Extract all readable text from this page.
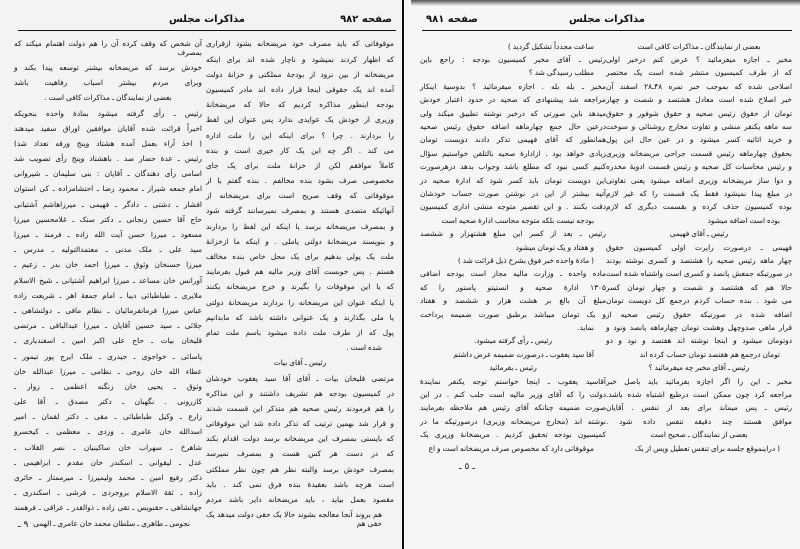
مذاکرات مجلس	صفحه ۹۸۲
موقوفاتی که باید مصرف خود مریضخانه بشود ازقراری
که اظهار کردند نمیشود و ناچار شده اند برای اینکه
مریضخانه از بین نرود از بودجهٔ مملکتی و خزانهٔ دولت
آمده اند یک حقوقی اینجا قرار داده اند مادر کمیسیون
بودجه اینطور مذاکره کردیم که حالا که مریضخانهٔ
وزیری از خودش یک عوایدی ندارد پس عنوان این لفظ
را بردارند . چرا ؟ برای اینکه این را ملت اداره
می کند . اگر چه این یک کار خیری است و بنده
کاملاً موافقم لکن از خزانهٔ ملت برای یک جای
مخصوصی صرف بشود بنده مخالفم . بنده گفتم یا از
موقوفاتی که وقف صریح است برای مریضخانه از
آنهائیکه متصدی هستند و بمصرف نمیرسانند گرفته شود
و بمصرف مریضخانه برسد یا اینکه این لفظ را بردارند
و بنویسند مریضخانهٔ دولتی یاملی . و اینکه ما ازخزانهٔ
ملت یک پولی بدهیم برای یک محل خاص بنده مخالف
هستم . پس خوبست آقای وزیر مالیه هم قبول بفرمایند
که یا این موقوفات را بگیرند و خرج مریضخانه بکنند
یا اینکه عنوان این مریضخانه را بردارند مریضخانهٔ دولتی
یا ملی بگذارند و یک عنوانی داشته باشد که مابدانیم
پول که از طرف ملت داده میشود باسم ملت تمام
شده است .
رئیس ـ آقای بیات
مرتضی قلیخان بیات ـ آقای آقا سید یعقوب خودشان
در کمیسیون بودجه هم تشریف داشتند و این مذاکره
را هم فرمودند رئیس صحیه هم متذکر این قسمت شدند
و قرار شد بهمین ترتیب که تذکر داده شد این موقوفاتی
که بایستی بمصرف این مریضخانه برسد دولت اقدام بکند
که در دست هر کس هست و بمصرف نمیرسد
بمصرف خودش برسد والبته نظر هم چون نظر مملکتی
است هرچه باشد بعقیدهٔ بنده فرق نمی کند . باید
مقصود بعمل بیاید ، باید مریضخانه دایر باشد مردم
هم بروند آنجا معالجه بشوند حالا یک حقی دولت میدهد یک حقی هم
آن شخص که وقف کرده آن را هم دولت اهتمام میکند که بمصرف
خودش برسد که مریضخانه بیشتر توسعه پیدا بکند و
وبرای مردم بیشتر اسباب رفاهیت باشد
بعضی از نمایندگان ـ مذاکرات کافی است .
رئیس ـ رأی گرفته میشود بمادهٔ واحده بنحویکه
اخیراً قرائت شده آقایان موافقین اوراق سفید میدهند
( اخذ آراء بعمل آمده هشتاد وپنج ورقه تعداد شد)
رئیس ـ عدهٔ حضار صد . باهشتاد وپنج رأی تصویب شد
اسامی رأی دهندگان ـ آقایان : بنی سلیمان ـ شیروانی
امام جمعه شیراز ـ محمود رضا ـ احتشامزاده ـ کی استوان
افشار ـ دشتی ـ دادگر ـ فهیمی ـ میرزاهاشم آشتیانی
حاج آقا حسین زنجانی ـ دکتر سنک ـ غلامحسین میرزا
مسعود ـ میرزا حسن آیت الله زاده ـ فرمند ـ میرزا
سید علی ـ ملک مدنی ـ معتمدالتولیه ـ مدرس ـ
میرزا حسنخان وثوق ـ میرزا احمد خان بدر ـ زعیم ـ
آورانس خان مساعد ـ میرزا ابراهیم آشتیانی ـ شیخ الاسلام
ملایری ـ طباطبائی دیبا ـ امام جمعهٔ اهر ـ شریعت زاده
عباس میرزا فرمانفرمائیان ـ نظام مافی ـ دولتشاهی ـ
جلائی ـ سید حسین آقایان ـ میرزا عبدالباقی ـ مرتضی
قلیخان بیات ـ حاج علی اکبر امین ـ اسفندیاری ـ
یاسائی ـ خواجوی ـ حیدری ـ ملک ایرج پور تیمور ـ
عطاء الله خان روحی ـ نظامی ـ میرزا عبدالله خان
وثوق ـ یحیی خان زنگنه اعظمی ـ زوار ـ
کازرونی . نگهبان ـ دکتر مصدق ـ آقا علی
زارع ـ وکیل طباطبائی ـ مقی ـ دکتر لقمان ـ امیر
اسدالله خان عامری ـ وزدی ـ معظمی ـ کیخسرو
شاهرخ ـ سهراب خان ساکینیان ـ نصر القلاب ـ
عدل ـ لیقوانی ـ اسکندر خان مقدم ـ ابراهیمی ـ
دکتر رفیع امین ـ محمد ولیمیرزا ـ میرممتاز ـ حائری
زاده ـ ثقة الاسلام بروجردی ـ فرشی ـ اسکندری ـ
جهانشاهی ـ حقنویس ـ تقی زاده ـ ذوالقدر ـ عراقی ـ فرهمند
نجومی ـ طاهری ـ سلطان محمد خان عامری ـ الهمی
۹ ـ
مذاکرات مجلس
صفحه ۹۸۱
بعضی از نمایندگان ـ مذاکرات کافی است
مخبر ـ اجازه میفرمائید ؟ عرض کنم درخبر اولی
که از طرف کمیسیون منتشر شده است یک مختصر
اصلاحی شده که بموجب خبر نمره ۴۸ـ۲۸ اسفند آن
خبر اصلاح شده است معادل هشتصد و شصت و چهار
تومان از حقوق رئیس صحیه و حقوق شوفور و حقوق
سه ماهه یکنفر منشی و تفاوت مخارج روشنائی و سوخت
و خرید اثاثیه کسر میشود و در عین حال این پول
بحقوق چهارماهه رئیس قسمت جراحی مریضخانه وزیری
و رئیس محاسبات کل صحیه و رئیس قسمت ادویهٔ مخدره
و دوا ساز مریضخانه وزیری اضافه میشود یعنی تفاوتی
در مبلغ پیدا نمیشود فقط یک قسمت را که غیر لازم
بوده کمیسیون حذف کرده و بقسمت دیگری که لازم
بوده است اضافه میشود
رئیس ـ آقای فهیمی
فهیمی ـ درصورت راپرت اولی کمیسیون حقوق
چهار ماهه رئیس صحیه را هشتصد و کسری نوشته بودند
در صورتیکه جمعش پانصد و کسری است واشتباه شده است
حالا هم که هشتصد و شصت و چهار تومان کسر
می شود . بنده حساب کردم درجمع کل دویست تومان
اضافه شده در صورتیکه حقوق رئیس صحیه از
قرار ماهی صدوچهل وهشت تومان چهارماهه پانصد ونود و
دوتومان میشود و اینجا نوشته اند هفتصد و نود و دو
تومان درجمع هم هفتصد تومان حساب کرده اند
رئیس ـ آقای مخبر چه میفرمائید ؟
مخبر ـ این را اگر اجازه بفرمائید باید باصل خبر
مراجعه کرد چون ممکن است درطبع اشتباه شده باشد.
رئیس ـ پس میماند برای بعد از تنفس . آقایان
موافق هستند چند دقیقه تنفس داده شود .
بعضی از نمایندگان ـ صحیح است
( دراینموقع جلسه برای تنفس تعطیل وپس از یک
ساعت مجدداً تشکیل گردید )
رئیس ـ آقای مخبر کمیسیون بودجه : راجع باین
مطلب رسیدگی شد ؟
مخبر ـ بله بله . اجازه میفرمائید ؟ بدوسیهٔ اینکار
مراجعه شد پیشنهادی که صحیه در حدود اعتبار خودش
میدهد باین صورتی که درخبر نوشته تطبیق میکند ولی
درعین حال جمع چهارماهه اضافه حقوق رئیس صحیه
همانطور که آقای فهیمی تذکر دادند دویست تومان
زیادی خواهد بود . ازادارهٔ صحیه بالتلفن خواستیم سؤال
کنیم کسی نبود که مطلع باشد وجواب بدهد درهرصورت
این دویست تومان باید کسر شود که ادارهٔ صحیه در
آتیه بیشتر از این در نوشتن صورت حساب خودشان
دقت بکنند . و این تقصیر متوجه منشی اداری کمیسیون
بودجه نیست بلکه متوجه محاسب ادارهٔ صحیه است
رئیس ـ بعد از کسر این مبلغ هشتهزار و ششصد
و هفتاد و یک تومان میشود
( مادهٔ واحده خبر فوق بشرح ذیل قرائت شد )
ماده واحده ـ وزارت مالیه مجاز است بودجه اضافی
۱۳۰۵ ادارهٔ صحیه و انستیتو پاستور را که
مبلغ آن بالغ بر هشت هزار و ششصد و هفتاد
و یک تومان میباشد برطبق صورت ضمیمه پرداخت
نماید.
رئیس ـ رأی گرفته میشود.
آقا سید یعقوب ـ درصورت ضمیمه عرض داشتم
رئیس ـ بفرمائید
آقاسید یعقوب ـ اینجا خواستم توجه یکنفر نمایندهٔ
دولت را که آقای وزیر مالیه است جلب کنم . در این
صورت ضمیمه چنانکه آقای رئیس هم ملاحظه بفرمایند
نوشته اند (مخارج مریضخانه وزیری) درصورتیکه ما در
کمیسیون بودجه تحقیق کردیم . مریضخانهٔ وزیری یک
موقوفاتی دارد که مخصوص صرف مریضخانه است و اع
ـ ٥ ـ
